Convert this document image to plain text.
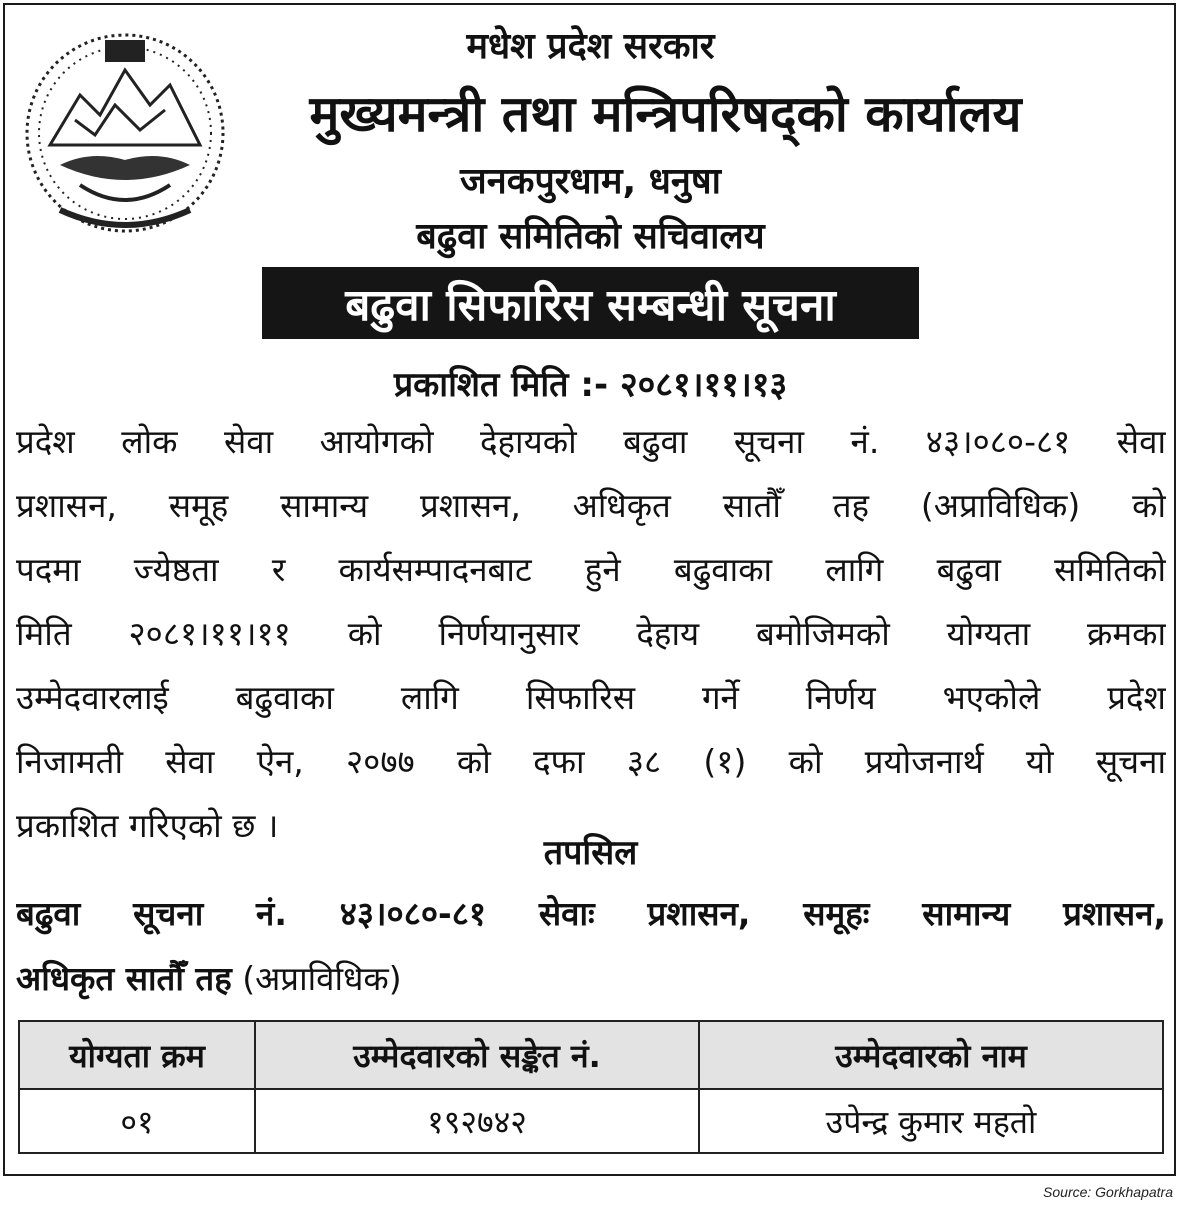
मधेश प्रदेश सरकार
मुख्यमन्त्री तथा मन्त्रिपरिषद्को कार्यालय
जनकपुरधाम, धनुषा
बढुवा समितिको सचिवालय
बढुवा सिफारिस सम्बन्धी सूचना
प्रकाशित मिति :- २०८१।११।१३
प्रदेश लोक सेवा आयोगको देहायको बढुवा सूचना नं. ४३।०८०-८१ सेवा
प्रशासन, समूह सामान्य प्रशासन, अधिकृत सातौँ तह (अप्राविधिक) को
पदमा ज्येष्ठता र कार्यसम्पादनबाट हुने बढुवाका लागि बढुवा समितिको
मिति २०८१।११।११ को निर्णयानुसार देहाय बमोजिमको योग्यता क्रमका
उम्मेदवारलाई बढुवाका लागि सिफारिस गर्ने निर्णय भएकोले प्रदेश
निजामती सेवा ऐन, २०७७ को दफा ३८ (१) को प्रयोजनार्थ यो सूचना
प्रकाशित गरिएको छ ।
तपसिल
बढुवा सूचना नं. ४३।०८०-८१ सेवाः प्रशासन, समूहः सामान्य प्रशासन,
अधिकृत सातौँ तह (अप्राविधिक)
योग्यता क्रम	उम्मेदवारको सङ्केत नं.	उम्मेदवारको नाम
०१	१९२७४२	उपेन्द्र कुमार महतो
Source: Gorkhapatra
